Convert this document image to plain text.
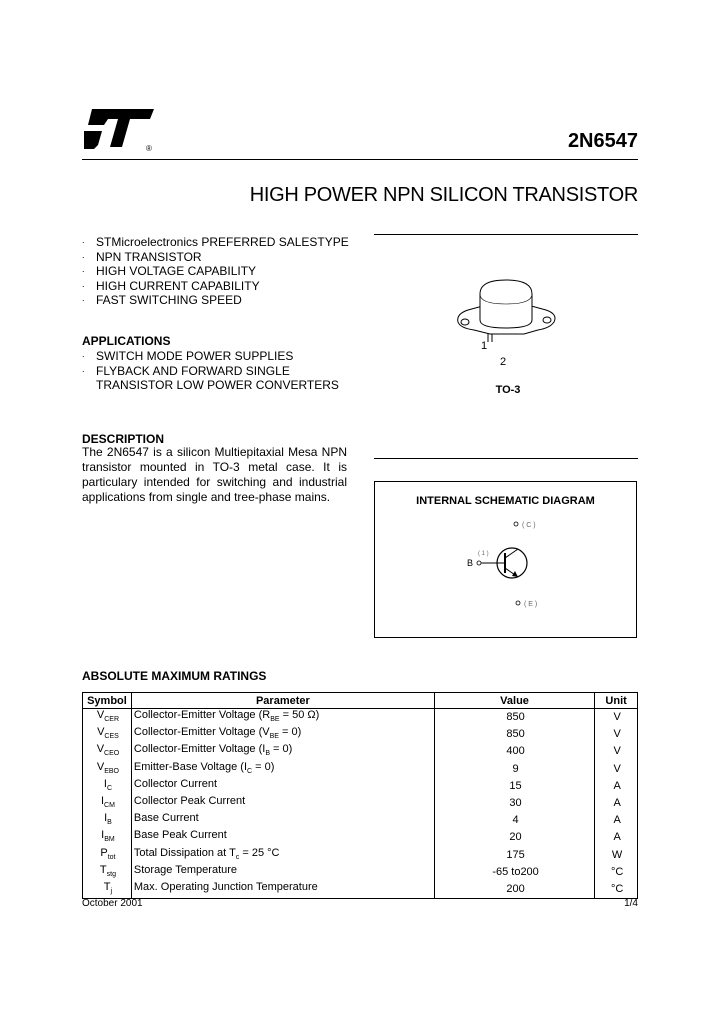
®	2N6547
HIGH POWER NPN SILICON TRANSISTOR
. STMicroelectronics PREFERRED SALESTYPE
. NPN TRANSISTOR
. HIGH VOLTAGE CAPABILITY
. HIGH CURRENT CAPABILITY
. FAST SWITCHING SPEED
APPLICATIONS
. SWITCH MODE POWER SUPPLIES
. FLYBACK AND FORWARD SINGLE TRANSISTOR LOW POWER CONVERTERS
DESCRIPTION
The 2N6547 is a silicon Multiepitaxial Mesa NPN transistor mounted in TO-3 metal case. It is particulary intended for switching and industrial applications from single and tree-phase mains.
1
2
TO-3
INTERNAL SCHEMATIC DIAGRAM
( C )
( E )
( 1 )
B
ABSOLUTE MAXIMUM RATINGS
Symbol	Parameter	Value	Unit
$V_{CER}$	Collector-Emitter Voltage ($R_{BE} = 50$ Ω)	850	V
$V_{CES}$	Collector-Emitter Voltage $(V_{BE} = 0)$	850	V
$V_{CEO}$	Collector-Emitter Voltage $(I_B = 0)$	400	V
$V_{EBO}$	Emitter-Base Voltage $(I_C = 0)$	9	V
$I_C$	Collector Current	15	A
$I_{CM}$	Collector Peak Current	30	A
$I_B$	Base Current	4	A
$I_{BM}$	Base Peak Current	20	A
$P_{tot}$	Total Dissipation at $T_c = 25$ °C	175	W
$T_{stg}$	Storage Temperature	-65 to200	°C
$T_j$	Max. Operating Junction Temperature	200	°C
October 2001	1/4
